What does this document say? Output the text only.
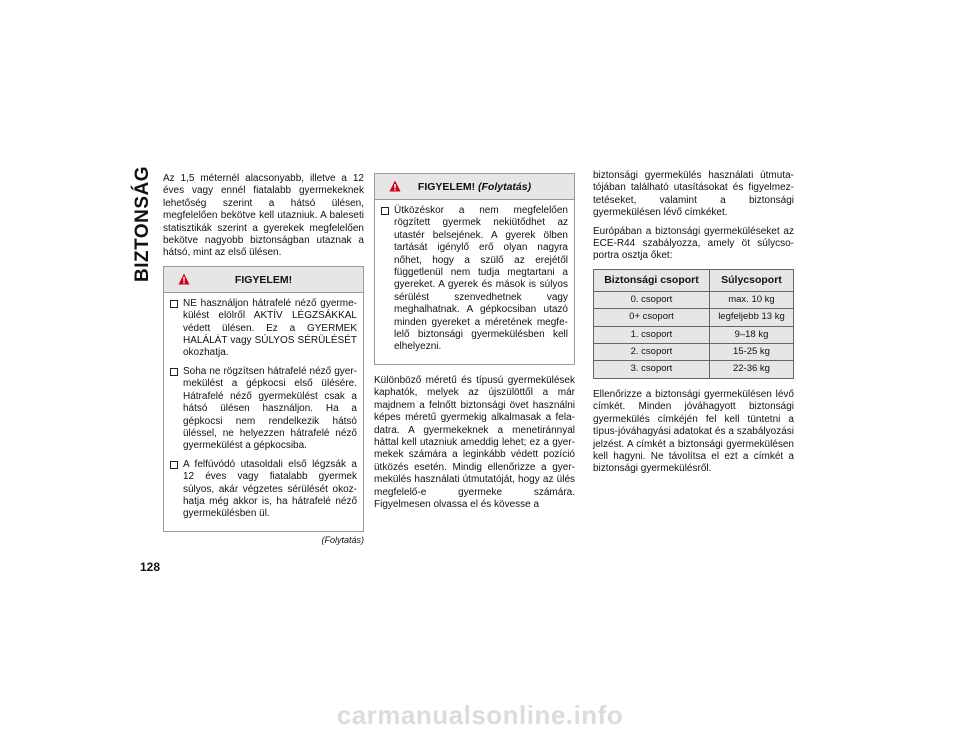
BIZTONSÁG Az 1,5 méternél alacsonyabb, illetve a 12 éves vagy ennél fiatalabb gyermekeknek lehetőség szerint a hátsó ülésen, megfelelően bekötve kell utazniuk. A baleseti statisztikák szerint a gyerekek megfelelően bekötve nagyobb biztonságban utaznak a hátsó, mint az első ülésen.

FIGYELEM!
NE használjon hátrafelé néző gyermekülést elölről AKTÍV LÉGZSÁKKAL védett ülésen. Ez a GYERMEK HALÁLÁT vagy SÚLYOS SÉRÜLÉSÉT okozhatja.
Soha ne rögzítsen hátrafelé néző gyermekülést a gépkocsi első ülésére. Hátrafelé néző gyermekülést csak a hátsó ülésen használjon. Ha a gépkocsi nem rendelkezik hátsó üléssel, ne helyezzen hátrafelé néző gyermekülést a gépkocsiba.
A felfúvódó utasoldali első légzsák a 12 éves vagy fiatalabb gyermek súlyos, akár végzetes sérülését okozhatja még akkor is, ha hátrafelé néző gyermekülésben ül.
(Folytatás)
FIGYELEM! (Folytatás)
Ütközéskor a nem megfelelően rögzített gyermek nekiütődhet az utastér belsejének. A gyerek ölben tartását igénylő erő olyan nagyra nőhet, hogy a szülő az erejétől függetlenül nem tudja megtartani a gyereket. A gyerek és mások is súlyos sérülést szenvedhetnek vagy meghalhatnak. A gépkocsiban utazó minden gyereket a méretének megfelelő biztonsági gyermekülésben kell elhelyezni.

Különböző méretű és típusú gyermekülések kaphatók, melyek az újszülöttől a már majdnem a felnőtt biztonsági övet használni képes méretű gyermekig alkalmasak a feladatra. A gyermekeknek a menetiránnyal háttal kell utazniuk ameddig lehet; ez a gyermekek számára a leginkább védett pozíció ütközés esetén. Mindig ellenőrizze a gyermekülés használati útmutatóját, hogy az ülés megfelelő-e gyermeke számára. Figyelmesen olvassa el és kövesse a

biztonsági gyermekülés használati útmutatójában található utasításokat és figyelmeztetéseket, valamint a biztonsági gyermekülésen lévő címkéket.

Európában a biztonsági gyermeküléseket az ECE-R44 szabályozza, amely öt súlycsoportra osztja őket:

Biztonsági csoport	Súlycsoport
0. csoport	max. 10 kg
0+ csoport	legfeljebb 13 kg
1. csoport	9–18 kg
2. csoport	15-25 kg
3. csoport	22-36 kg

Ellenőrizze a biztonsági gyermekülésen lévő címkét. Minden jóváhagyott biztonsági gyermekülés címkéjén fel kell tüntetni a típus-jóváhagyási adatokat és a szabályozási jelzést. A címkét a biztonsági gyermekülésen kell hagyni. Ne távolítsa el ezt a címkét a biztonsági gyermekülésről.

128
carmanualsonline.info
